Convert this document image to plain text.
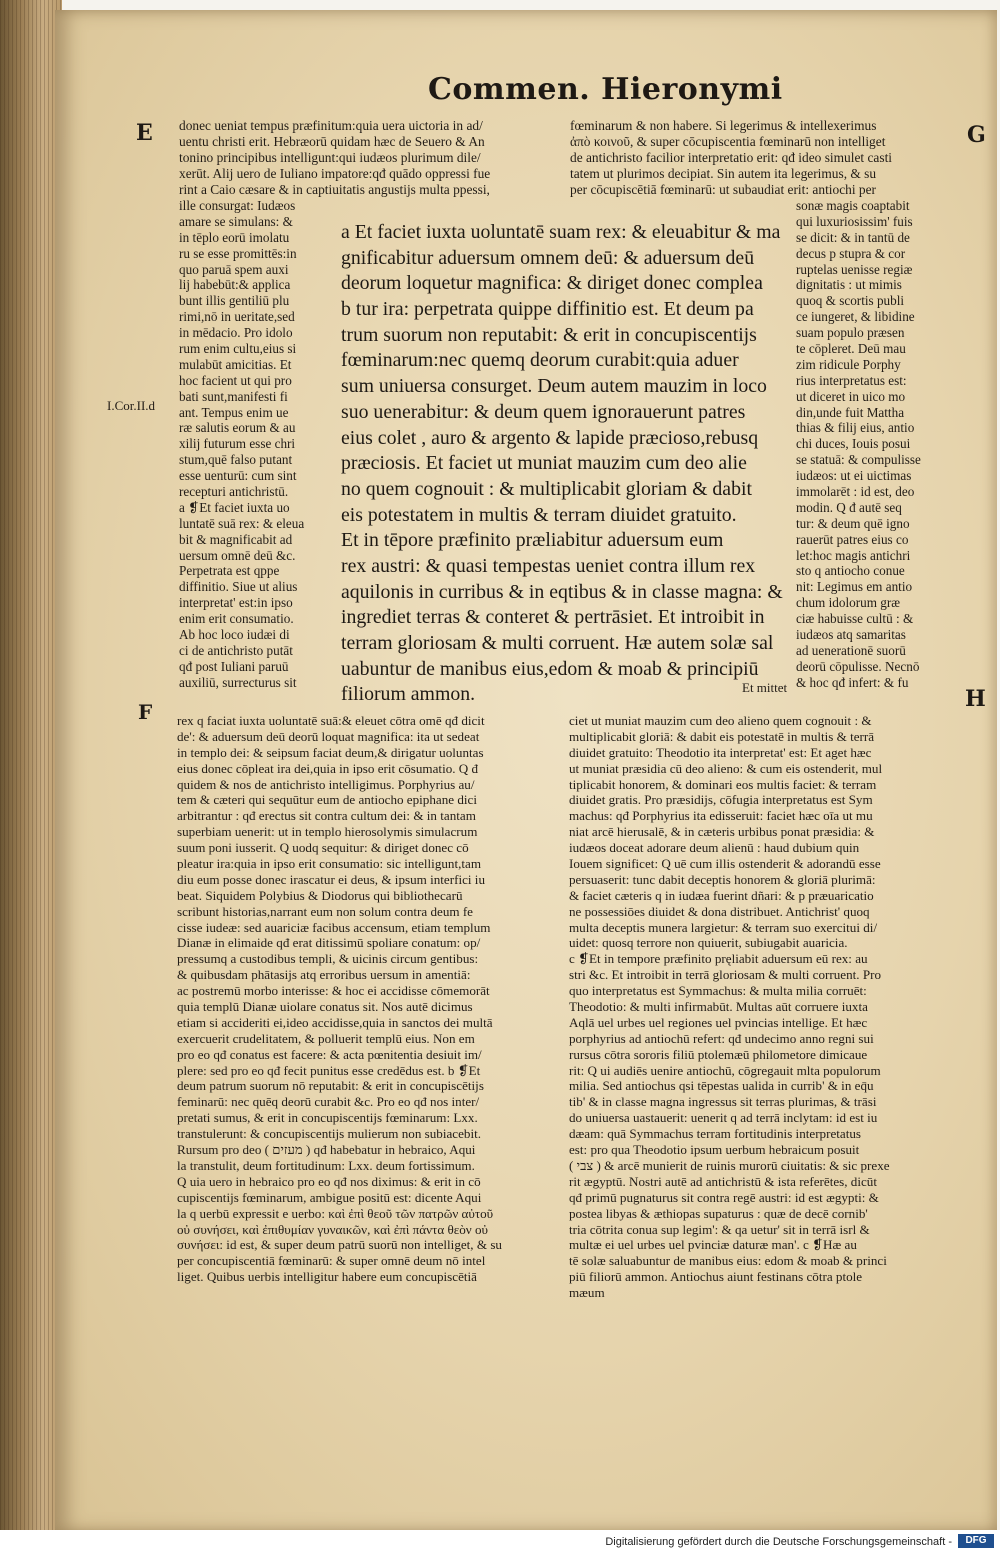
Commen. Hieronymi
E
F
G
H
I.Cor.II.d
Et mittet
donec ueniat tempus præfinitum:quia uera uictoria in ad/
uentu christi erit. Hebræorū quidam hæc de Seuero & An
tonino principibus intelligunt:qui iudæos plurimum dile/
xerūt. Alij uero de Iuliano impatore:qđ quādo oppressi fue
rint a Caio cæsare & in captiuitatis angustijs multa ppessi,
fœminarum & non habere. Si legerimus & intellexerimus
ἀπὸ κοινοῦ, & super cōcupiscentia fœminarū non intelliget
de antichristo facilior interpretatio erit: qđ ideo simulet casti
tatem ut plurimos decipiat. Sin autem ita legerimus, & su
per cōcupiscētiā fœminarū: ut subaudiat erit: antiochi per
ille consurgat: Iudæos
amare se simulans: &
in tēplo eorū imolatu
ru se esse promittēs:in
quo paruā spem auxi
lij habebūt:& applica
bunt illis gentiliū plu
rimi,nō in ueritate,sed
in mēdacio. Pro idolo
rum enim cultu,eius si
mulabūt amicitias. Et
hoc facient ut qui pro
bati sunt,manifesti fi
ant. Tempus enim ue
ræ salutis eorum & au
xilij futurum esse chri
stum,quē falso putant
esse uenturū: cum sint
recepturi antichristū.
a ❡Et faciet iuxta uo
luntatē suā rex: & eleua
bit & magnificabit ad
uersum omnē deū &c.
Perpetrata est qppe
diffinitio. Siue ut alius
interpretat' est:in ipso
enim erit consumatio.
Ab hoc loco iudæi di
ci de antichristo putāt
qđ post Iuliani paruū
auxiliū, surrecturus sit
a Et faciet iuxta uoluntatē suam rex: & eleuabitur & ma
gnificabitur aduersum omnem deū: & aduersum deū
deorum loquetur magnifica: & diriget donec complea
b tur ira: perpetrata quippe diffinitio est. Et deum pa
trum suorum non reputabit: & erit in concupiscentijs
fœminarum:nec quemq deorum curabit:quia aduer
sum uniuersa consurget. Deum autem mauzim in loco
suo uenerabitur: & deum quem ignorauerunt patres
eius colet , auro & argento & lapide præcioso,rebusq
præciosis. Et faciet ut muniat mauzim cum deo alie
no quem cognouit : & multiplicabit gloriam & dabit
eis potestatem in multis & terram diuidet gratuito.
Et in tēpore præfinito præliabitur aduersum eum
rex austri: & quasi tempestas ueniet contra illum rex
aquilonis in curribus & in eqtibus & in classe magna: &
ingrediet terras & conteret & pertrāsiet. Et introibit in
terram gloriosam & multi corruent. Hæ autem solæ sal
uabuntur de manibus eius,edom & moab & principiū
filiorum ammon.
sonæ magis coaptabit
qui luxuriosissim' fuis
se dicit: & in tantū de
decus p stupra & cor
ruptelas uenisse regiæ
dignitatis : ut mimis
quoq & scortis publi
ce iungeret, & libidine
suam populo præsen
te cōpleret. Deū mau
zim ridicule Porphy
rius interpretatus est:
ut diceret in uico mo
din,unde fuit Mattha
thias & filij eius, antio
chi duces, Iouis posui
se statuā: & compulisse
iudæos: ut ei uictimas
immolarēt : id est, deo
modin. Q đ autē seq
tur: & deum quē igno
rauerūt patres eius co
let:hoc magis antichri
sto q antiocho conue
nit: Legimus em antio
chum idolorum græ
ciæ habuisse cultū : &
iudæos atq samaritas
ad uenerationē suorū
deorū cōpulisse. Necnō
& hoc qđ infert: & fu
rex q faciat iuxta uoluntatē suā:& eleuet cōtra omē qđ dicit
de': & aduersum deū deorū loquat magnifica: ita ut sedeat
in templo dei: & seipsum faciat deum,& dirigatur uoluntas
eius donec cōpleat ira dei,quia in ipso erit cōsumatio. Q đ
quidem & nos de antichristo intelligimus. Porphyrius au/
tem & cæteri qui sequūtur eum de antiocho epiphane dici
arbitrantur : qđ erectus sit contra cultum dei: & in tantam
superbiam uenerit: ut in templo hierosolymis simulacrum
suum poni iusserit. Q uodq sequitur: & diriget donec cō
pleatur ira:quia in ipso erit consumatio: sic intelligunt,tam
diu eum posse donec irascatur ei deus, & ipsum interfici iu
beat. Siquidem Polybius & Diodorus qui bibliothecarū
scribunt historias,narrant eum non solum contra deum fe
cisse iudeæ: sed auariciæ facibus accensum, etiam templum
Dianæ in elimaide qđ erat ditissimū spoliare conatum: op/
pressumq a custodibus templi, & uicinis circum gentibus:
& quibusdam phātasijs atq erroribus uersum in amentiā:
ac postremū morbo interisse: & hoc ei accidisse cōmemorāt
quia templū Dianæ uiolare conatus sit. Nos autē dicimus
etiam si accideriti ei,ideo accidisse,quia in sanctos dei multā
exercuerit crudelitatem, & polluerit templū eius. Non em
pro eo qđ conatus est facere: & acta pœnitentia desiuit im/
plere: sed pro eo qđ fecit punitus esse credēdus est. b ❡Et
deum patrum suorum nō reputabit: & erit in concupiscētijs
feminarū: nec quēq deorū curabit &c. Pro eo qđ nos inter/
pretati sumus, & erit in concupiscentijs fœminarum: Lxx.
transtulerunt: & concupiscentijs mulierum non subiacebit.
Rursum pro deo ( מעזים ) qđ habebatur in hebraico, Aqui
la transtulit, deum fortitudinum: Lxx. deum fortissimum.
Q uia uero in hebraico pro eo qđ nos diximus: & erit in cō
cupiscentijs fœminarum, ambigue positū est: dicente Aqui
la q uerbū expressit e uerbo: καὶ ἐπὶ θεοῦ τῶν πατρῶν αὐτοῦ
οὐ συνήσει, καὶ ἐπιθυμίαν γυναικῶν, καὶ ἐπὶ πάντα θεὸν οὐ
συνήσει: id est, & super deum patrū suorū non intelliget, & su
per concupiscentiā fœminarū: & super omnē deum nō intel
liget. Quibus uerbis intelligitur habere eum concupiscētiā
ciet ut muniat mauzim cum deo alieno quem cognouit : &
multiplicabit gloriā: & dabit eis potestatē in multis & terrā
diuidet gratuito: Theodotio ita interpretat' est: Et aget hæc
ut muniat præsidia cū deo alieno: & cum eis ostenderit, mul
tiplicabit honorem, & dominari eos multis faciet: & terram
diuidet gratis. Pro præsidijs, cōfugia interpretatus est Sym
machus: qđ Porphyrius ita edisseruit: faciet hæc oīa ut mu
niat arcē hierusalē, & in cæteris urbibus ponat præsidia: &
iudæos doceat adorare deum alienū : haud dubium quin
Iouem significet: Q uē cum illis ostenderit & adorandū esse
persuaserit: tunc dabit deceptis honorem & gloriā plurimā:
& faciet cæteris q in iudæa fuerint dñari: & p præuaricatio
ne possessiōes diuidet & dona distribuet. Antichrist' quoq
multa deceptis munera largietur: & terram suo exercitui di/
uidet: quosq terrore non quiuerit, subiugabit auaricia.
c ❡Et in tempore præfinito pręliabit aduersum eū rex: au
stri &c. Et introibit in terrā gloriosam & multi corruent. Pro
quo interpretatus est Symmachus: & multa milia corruēt:
Theodotio: & multi infirmabūt. Multas aūt corruere iuxta
Aqlā uel urbes uel regiones uel pvincias intellige. Et hæc
porphyrius ad antiochū refert: qđ undecimo anno regni sui
rursus cōtra sororis filiū ptolemæū philometore dimicaue
rit: Q ui audiēs uenire antiochū, cōgregauit mlta populorum
milia. Sed antiochus qsi tēpestas ualida in currib' & in eq̄u
tib' & in classe magna ingressus sit terras plurimas, & trāsi
do uniuersa uastauerit: uenerit q ad terrā inclytam: id est iu
dæam: quā Symmachus terram fortitudinis interpretatus
est: pro qua Theodotio ipsum uerbum hebraicum posuit
( צבי ) & arcē munierit de ruinis murorū ciuitatis: & sic prexe
rit ægyptū. Nostri autē ad antichristū & ista referētes, dicūt
qđ primū pugnaturus sit contra regē austri: id est ægypti: &
postea libyas & æthiopas supaturus : quæ de decē cornib'
tria cōtrita conua sup legim': & qa uetur' sit in terrā isrl &
multæ ei uel urbes uel pvinciæ daturæ man'. c ❡Hæ au
tē solæ saluabuntur de manibus eius: edom & moab & princi
piū filiorū ammon. Antiochus aiunt festinans cōtra ptole
mæum
Digitalisierung gefördert durch die Deutsche Forschungsgemeinschaft -	DFG
